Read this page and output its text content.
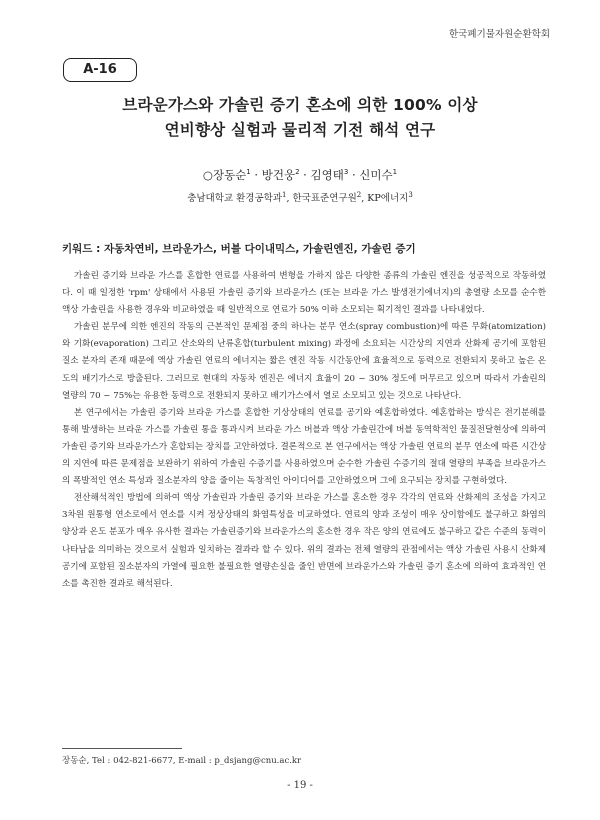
한국폐기물자원순환학회
A-16
브라운가스와 가솔린 증기 혼소에 의한 100% 이상
연비향상 실험과 물리적 기전 해석 연구
○장동순$^1$ · 방건웅$^2$ · 김영태$^3$ · 신미수$^1$
충남대학교 환경공학과$^1$, 한국표준연구원$^2$, KP에너지$^3$
키워드 : 자동차연비, 브라운가스, 버블 다이내믹스, 가솔린엔진, 가솔린 증기

가솔린 증기와 브라운 가스를 혼합한 연료를 사용하여 변형을 가하지 않은 다양한 종류의 가솔린 엔진을 성공적으로 작동하였다. 이 때 일정한 'rpm' 상태에서 사용된 가솔린 증기와 브라운가스 (또는 브라운 가스 발생전기에너지)의 총열량 소모를 순수한 액상 가솔린을 사용한 경우와 비교하였을 때 일반적으로 연료가 50% 이하 소모되는 획기적인 결과를 나타내었다.

가솔린 분무에 의한 엔진의 작동의 근본적인 문제점 중의 하나는 분무 연소(spray combustion)에 따른 무화(atomization)와 기화(evaporation) 그리고 산소와의 난류혼합(turbulent mixing) 과정에 소요되는 시간상의 지연과 산화제 공기에 포함된 질소 분자의 존재 때문에 액상 가솔린 연료의 에너지는 짧은 엔진 작동 시간동안에 효율적으로 동력으로 전환되지 못하고 높은 온도의 배기가스로 방출된다. 그러므로 현대의 자동차 엔진은 에너지 효율이 20 ~ 30% 정도에 머무르고 있으며 따라서 가솔린의 열량의 70 ~ 75%는 유용한 동력으로 전환되지 못하고 배기가스에서 열로 소모되고 있는 것으로 나타난다.

본 연구에서는 가솔린 증기와 브라운 가스를 혼합한 기상상태의 연료를 공기와 예혼합하였다. 예혼합하는 방식은 전기분해를 통해 발생하는 브라운 가스를 가솔린 통을 통과시켜 브라운 가스 버블과 액상 가솔린간에 버블 동역학적인 물질전달현상에 의하여 가솔린 증기와 브라운가스가 혼합되는 장치를 고안하였다. 결론적으로 본 연구에서는 액상 가솔린 연료의 분무 연소에 따른 시간상의 지연에 따른 문제점을 보완하기 위하여 가솔린 수증기를 사용하였으며 순수한 가솔린 수증기의 절대 열량의 부족을 브라운가스의 폭발적인 연소 특성과 질소분자의 양을 줄이는 독창적인 아이디어를 고안하였으며 그에 요구되는 장치를 구현하였다.

전산해석적인 방법에 의하여 액상 가솔린과 가솔린 증기와 브라운 가스를 혼소한 경우 각각의 연료와 산화제의 조성을 가지고 3차원 원통형 연소로에서 연소를 시켜 정상상태의 화염특성을 비교하였다. 연료의 양과 조성이 매우 상이함에도 불구하고 화염의 양상과 온도 분포가 매우 유사한 결과는 가솔린증기와 브라운가스의 혼소한 경우 작은 양의 연료에도 불구하고 같은 수준의 동력이 나타남을 의미하는 것으로서 실험과 일치하는 결과라 할 수 있다. 위의 결과는 전체 열량의 관점에서는 액상 가솔린 사용시 산화제 공기에 포함된 질소분자의 가열에 필요한 불필요한 열량손실을 줄인 반면에 브라운가스와 가솔린 증기 혼소에 의하여 효과적인 연소를 촉진한 결과로 해석된다.

장동순, Tel : 042-821-6677, E-mail : p_dsjang@cnu.ac.kr
- 19 -
